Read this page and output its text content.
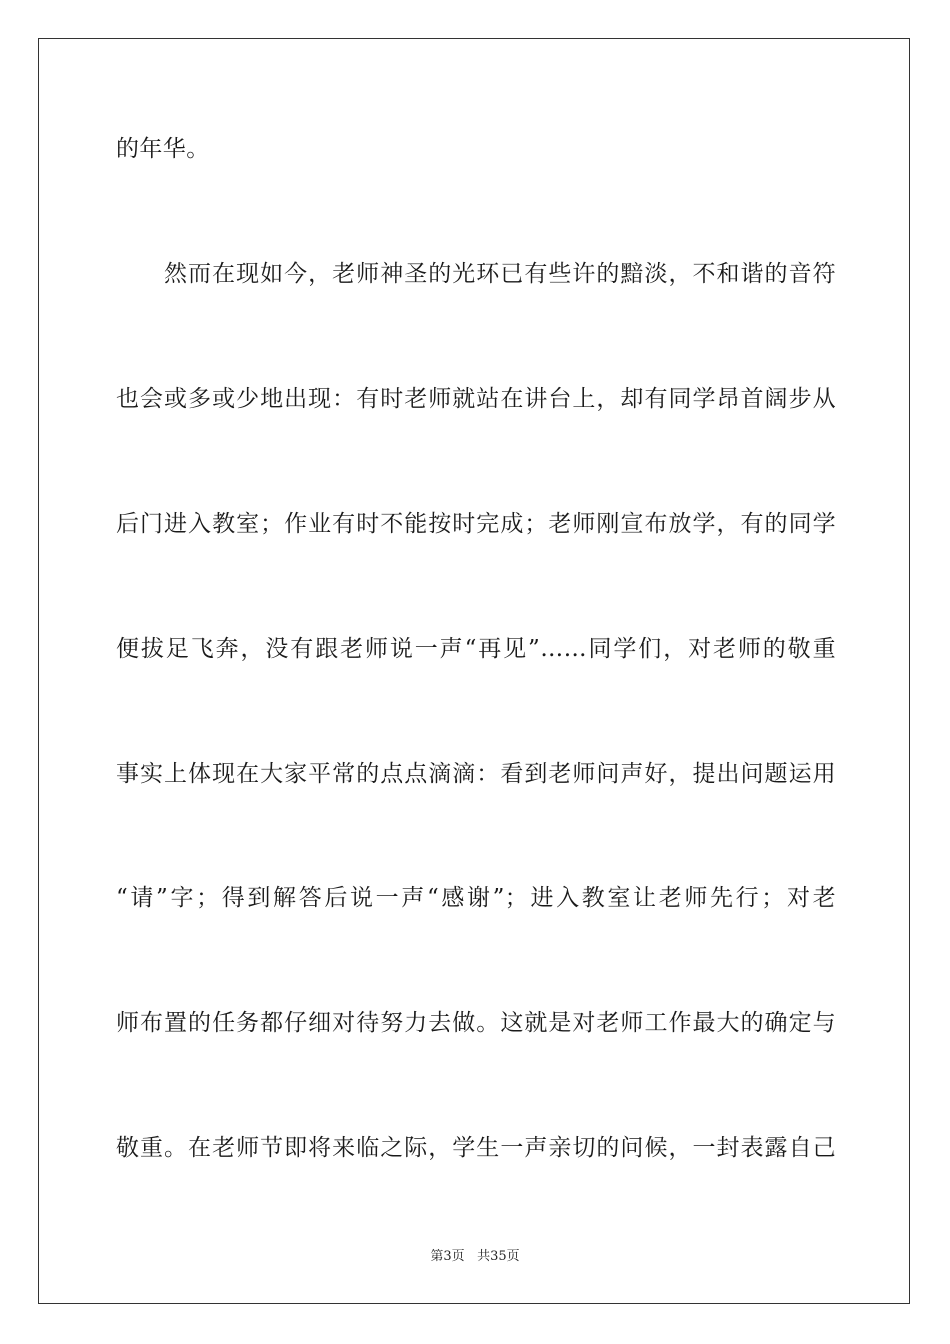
的年华。
然而在现如今，老师神圣的光环已有些许的黯淡，不和谐的音符
也会或多或少地出现：有时老师就站在讲台上，却有同学昂首阔步从
后门进入教室；作业有时不能按时完成；老师刚宣布放学，有的同学
便拔足飞奔，没有跟老师说一声“再见”……同学们，对老师的敬重
事实上体现在大家平常的点点滴滴：看到老师问声好，提出问题运用
“请”字；得到解答后说一声“感谢”；进入教室让老师先行；对老
师布置的任务都仔细对待努力去做。这就是对老师工作最大的确定与
敬重。在老师节即将来临之际，学生一声亲切的问候，一封表露自己
第3页 共35页
